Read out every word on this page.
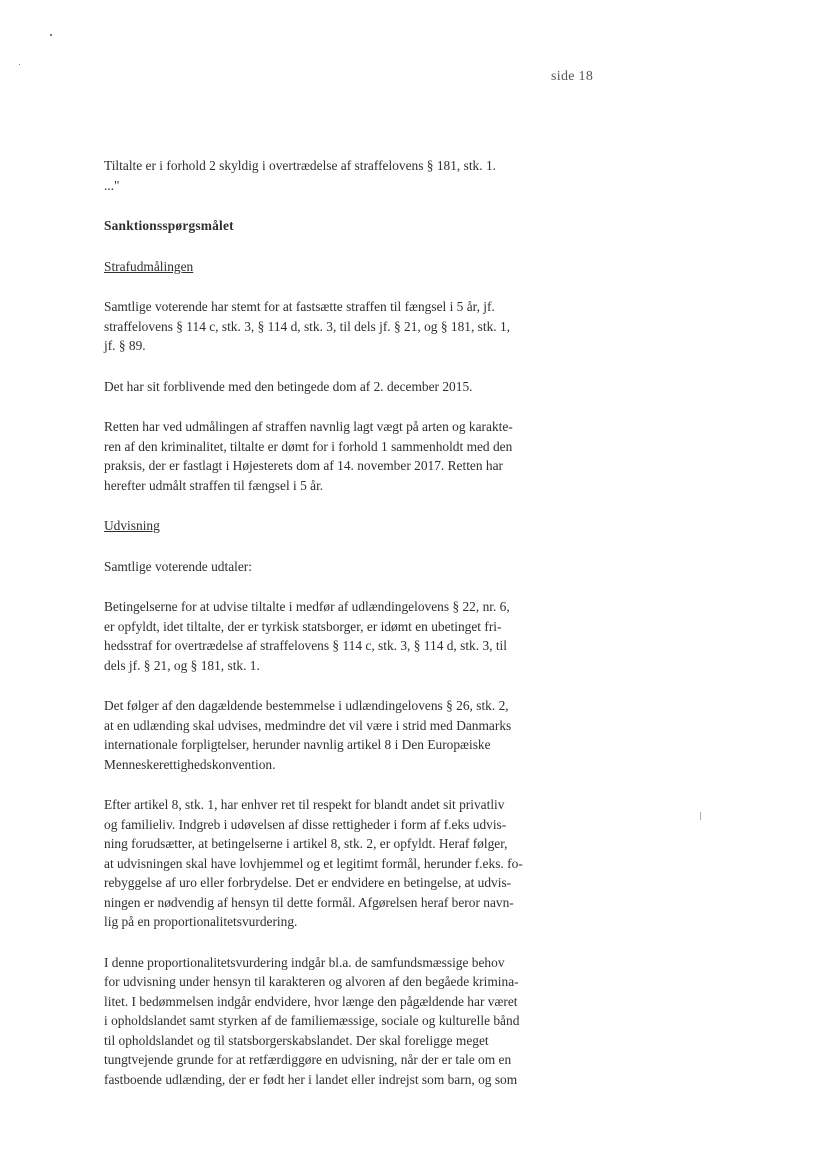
side 18

Tiltalte er i forhold 2 skyldig i overtrædelse af straffelovens § 181, stk. 1.
..."

Sanktionsspørgsmålet

Strafudmålingen

Samtlige voterende har stemt for at fastsætte straffen til fængsel i 5 år, jf.
straffelovens § 114 c, stk. 3, § 114 d, stk. 3, til dels jf. § 21, og § 181, stk. 1,
jf. § 89.

Det har sit forblivende med den betingede dom af 2. december 2015.

Retten har ved udmålingen af straffen navnlig lagt vægt på arten og karakte-
ren af den kriminalitet, tiltalte er dømt for i forhold 1 sammenholdt med den
praksis, der er fastlagt i Højesterets dom af 14. november 2017. Retten har
herefter udmålt straffen til fængsel i 5 år.

Udvisning

Samtlige voterende udtaler:

Betingelserne for at udvise tiltalte i medfør af udlændingelovens § 22, nr. 6,
er opfyldt, idet tiltalte, der er tyrkisk statsborger, er idømt en ubetinget fri-
hedsstraf for overtrædelse af straffelovens § 114 c, stk. 3, § 114 d, stk. 3, til
dels jf. § 21, og § 181, stk. 1.

Det følger af den dagældende bestemmelse i udlændingelovens § 26, stk. 2,
at en udlænding skal udvises, medmindre det vil være i strid med Danmarks
internationale forpligtelser, herunder navnlig artikel 8 i Den Europæiske
Menneskerettighedskonvention.

Efter artikel 8, stk. 1, har enhver ret til respekt for blandt andet sit privatliv
og familieliv. Indgreb i udøvelsen af disse rettigheder i form af f.eks udvis-
ning forudsætter, at betingelserne i artikel 8, stk. 2, er opfyldt. Heraf følger,
at udvisningen skal have lovhjemmel og et legitimt formål, herunder f.eks. fo-
rebyggelse af uro eller forbrydelse. Det er endvidere en betingelse, at udvis-
ningen er nødvendig af hensyn til dette formål. Afgørelsen heraf beror navn-
lig på en proportionalitetsvurdering.

I denne proportionalitetsvurdering indgår bl.a. de samfundsmæssige behov
for udvisning under hensyn til karakteren og alvoren af den begåede krimina-
litet. I bedømmelsen indgår endvidere, hvor længe den pågældende har været
i opholdslandet samt styrken af de familiemæssige, sociale og kulturelle bånd
til opholdslandet og til statsborgerskabslandet. Der skal foreligge meget
tungtvejende grunde for at retfærdiggøre en udvisning, når der er tale om en
fastboende udlænding, der er født her i landet eller indrejst som barn, og som
